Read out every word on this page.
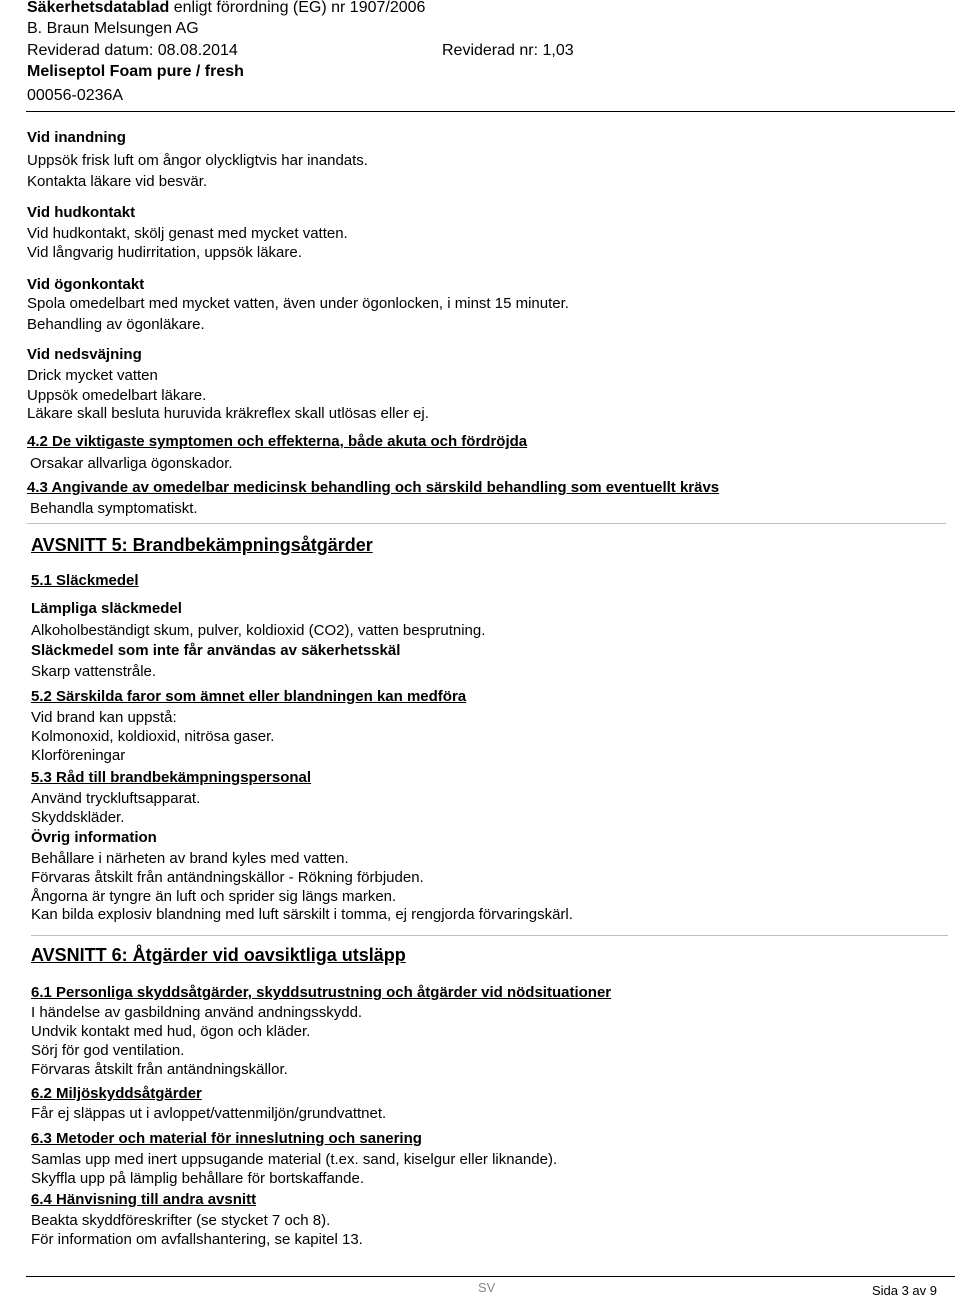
Säkerhetsdatablad enligt förordning (EG) nr 1907/2006
B. Braun Melsungen AG
Reviderad datum: 08.08.2014	Reviderad nr: 1,03
Meliseptol Foam pure / fresh
00056-0236A
Vid inandning
Uppsök frisk luft om ångor olyckligtvis har inandats.
Kontakta läkare vid besvär.
Vid hudkontakt
Vid hudkontakt, skölj genast med mycket vatten.
Vid långvarig hudirritation, uppsök läkare.
Vid ögonkontakt
Spola omedelbart med mycket vatten, även under ögonlocken, i minst 15 minuter.
Behandling av ögonläkare.
Vid nedsväjning
Drick mycket vatten
Uppsök omedelbart läkare.
Läkare skall besluta huruvida kräkreflex skall utlösas eller ej.
4.2 De viktigaste symptomen och effekterna, både akuta och fördröjda
Orsakar allvarliga ögonskador.
4.3 Angivande av omedelbar medicinsk behandling och särskild behandling som eventuellt krävs
Behandla symptomatiskt.
AVSNITT 5: Brandbekämpningsåtgärder
5.1 Släckmedel
Lämpliga släckmedel
Alkoholbeständigt skum, pulver, koldioxid (CO2), vatten besprutning.
Släckmedel som inte får användas av säkerhetsskäl
Skarp vattenstråle.
5.2 Särskilda faror som ämnet eller blandningen kan medföra
Vid brand kan uppstå:
Kolmonoxid, koldioxid, nitrösa gaser.
Klorföreningar
5.3 Råd till brandbekämpningspersonal
Använd tryckluftsapparat.
Skyddskläder.
Övrig information
Behållare i närheten av brand kyles med vatten.
Förvaras åtskilt från antändningskällor - Rökning förbjuden.
Ångorna är tyngre än luft och sprider sig längs marken.
Kan bilda explosiv blandning med luft särskilt i tomma, ej rengjorda förvaringskärl.
AVSNITT 6: Åtgärder vid oavsiktliga utsläpp
6.1 Personliga skyddsåtgärder, skyddsutrustning och åtgärder vid nödsituationer
I händelse av gasbildning använd andningsskydd.
Undvik kontakt med hud, ögon och kläder.
Sörj för god ventilation.
Förvaras åtskilt från antändningskällor.
6.2 Miljöskyddsåtgärder
Får ej släppas ut i avloppet/vattenmiljön/grundvattnet.
6.3 Metoder och material för inneslutning och sanering
Samlas upp med inert uppsugande material (t.ex. sand, kiselgur eller liknande).
Skyffla upp på lämplig behållare för bortskaffande.
6.4 Hänvisning till andra avsnitt
Beakta skyddföreskrifter (se stycket 7 och 8).
För information om avfallshantering, se kapitel 13.
SV	Sida 3 av 9
